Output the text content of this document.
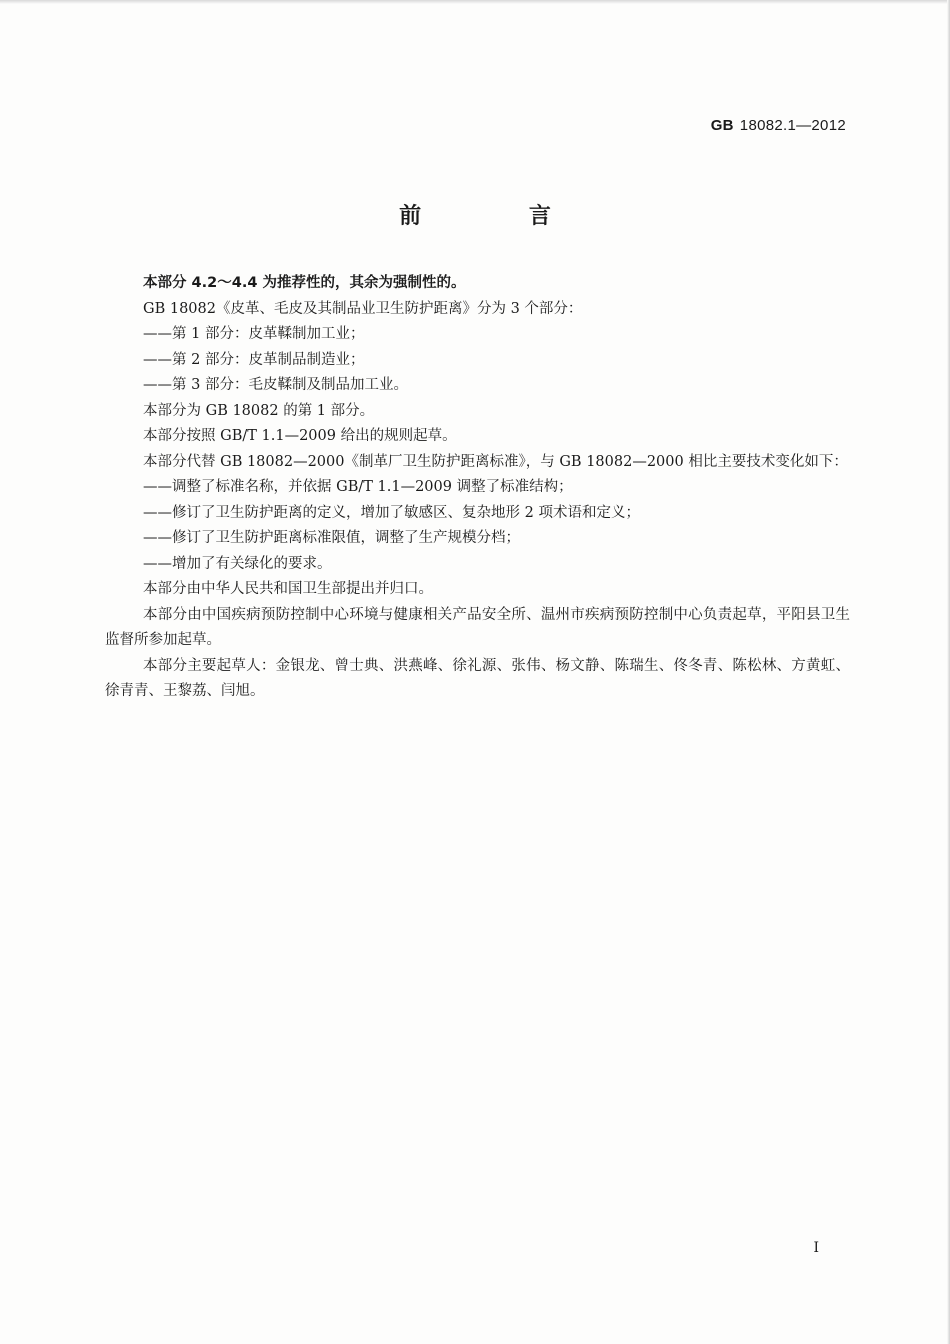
GB 18082.1—2012
前 言

本部分 4.2～4.4 为推荐性的，其余为强制性的。

GB 18082《皮革、毛皮及其制品业卫生防护距离》分为 3 个部分：

——第 1 部分：皮革鞣制加工业；

——第 2 部分：皮革制品制造业；

——第 3 部分：毛皮鞣制及制品加工业。

本部分为 GB 18082 的第 1 部分。

本部分按照 GB/T 1.1—2009 给出的规则起草。

本部分代替 GB 18082—2000《制革厂卫生防护距离标准》，与 GB 18082—2000 相比主要技术变化如下：

——调整了标准名称，并依据 GB/T 1.1—2009 调整了标准结构；

——修订了卫生防护距离的定义，增加了敏感区、复杂地形 2 项术语和定义；

——修订了卫生防护距离标准限值，调整了生产规模分档；

——增加了有关绿化的要求。

本部分由中华人民共和国卫生部提出并归口。

本部分由中国疾病预防控制中心环境与健康相关产品安全所、温州市疾病预防控制中心负责起草，平阳县卫生监督所参加起草。

本部分主要起草人：金银龙、曾士典、洪燕峰、徐礼源、张伟、杨文静、陈瑞生、佟冬青、陈松林、方黄虹、徐青青、王黎荔、闫旭。

I
